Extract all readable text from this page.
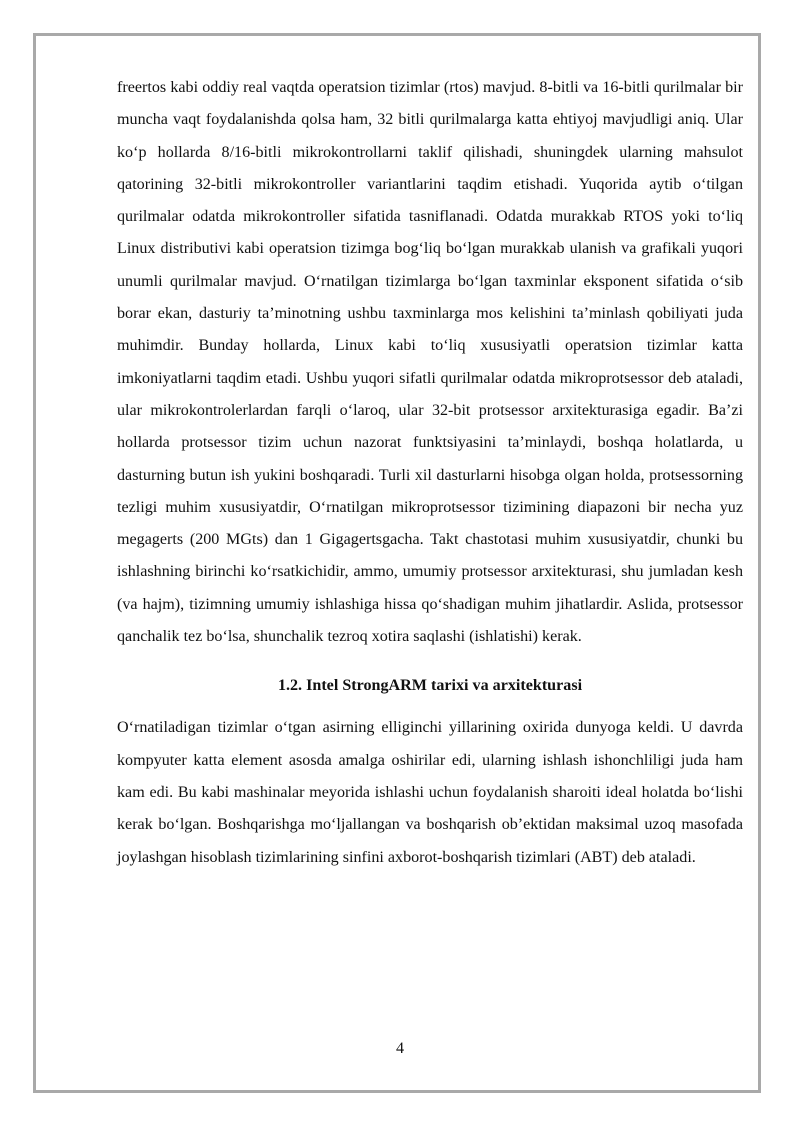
freertos kabi oddiy real vaqtda operatsion tizimlar (rtos) mavjud. 8-bitli va 16-bitli qurilmalar bir muncha vaqt foydalanishda qolsa ham, 32 bitli qurilmalarga katta ehtiyoj mavjudligi aniq. Ular koʻp hollarda 8/16-bitli mikrokontrollarni taklif qilishadi, shuningdek ularning mahsulot qatorining 32-bitli mikrokontroller variantlarini taqdim etishadi. Yuqorida aytib oʻtilgan qurilmalar odatda mikrokontroller sifatida tasniflanadi. Odatda murakkab RTOS yoki toʻliq Linux distributivi kabi operatsion tizimga bogʻliq boʻlgan murakkab ulanish va grafikali yuqori unumli qurilmalar mavjud. Oʻrnatilgan tizimlarga boʻlgan taxminlar eksponent sifatida oʻsib borar ekan, dasturiy taʼminotning ushbu taxminlarga mos kelishini taʼminlash qobiliyati juda muhimdir. Bunday hollarda, Linux kabi toʻliq xususiyatli operatsion tizimlar katta imkoniyatlarni taqdim etadi. Ushbu yuqori sifatli qurilmalar odatda mikroprotsessor deb ataladi, ular mikrokontrolerlardan farqli oʻlaroq, ular 32-bit protsessor arxitekturasiga egadir. Baʼzi hollarda protsessor tizim uchun nazorat funktsiyasini taʼminlaydi, boshqa holatlarda, u dasturning butun ish yukini boshqaradi. Turli xil dasturlarni hisobga olgan holda, protsessorning tezligi muhim xususiyatdir, Oʻrnatilgan mikroprotsessor tizimining diapazoni bir necha yuz megagerts (200 MGts) dan 1 Gigagertsgacha. Takt chastotasi muhim xususiyatdir, chunki bu ishlashning birinchi koʻrsatkichidir, ammo, umumiy protsessor arxitekturasi, shu jumladan kesh (va hajm), tizimning umumiy ishlashiga hissa qoʻshadigan muhim jihatlardir. Aslida, protsessor qanchalik tez boʻlsa, shunchalik tezroq xotira saqlashi (ishlatishi) kerak.

1.2. Intel StrongARM tarixi va arxitekturasi

Oʻrnatiladigan tizimlar oʻtgan asirning elliginchi yillarining oxirida dunyoga keldi. U davrda kompyuter katta element asosda amalga oshirilar edi, ularning ishlash ishonchliligi juda ham kam edi. Bu kabi mashinalar meyorida ishlashi uchun foydalanish sharoiti ideal holatda boʻlishi kerak boʻlgan. Boshqarishga moʻljallangan va boshqarish obʼektidan maksimal uzoq masofada joylashgan hisoblash tizimlarining sinfini axborot-boshqarish tizimlari (ABT) deb ataladi.

4
